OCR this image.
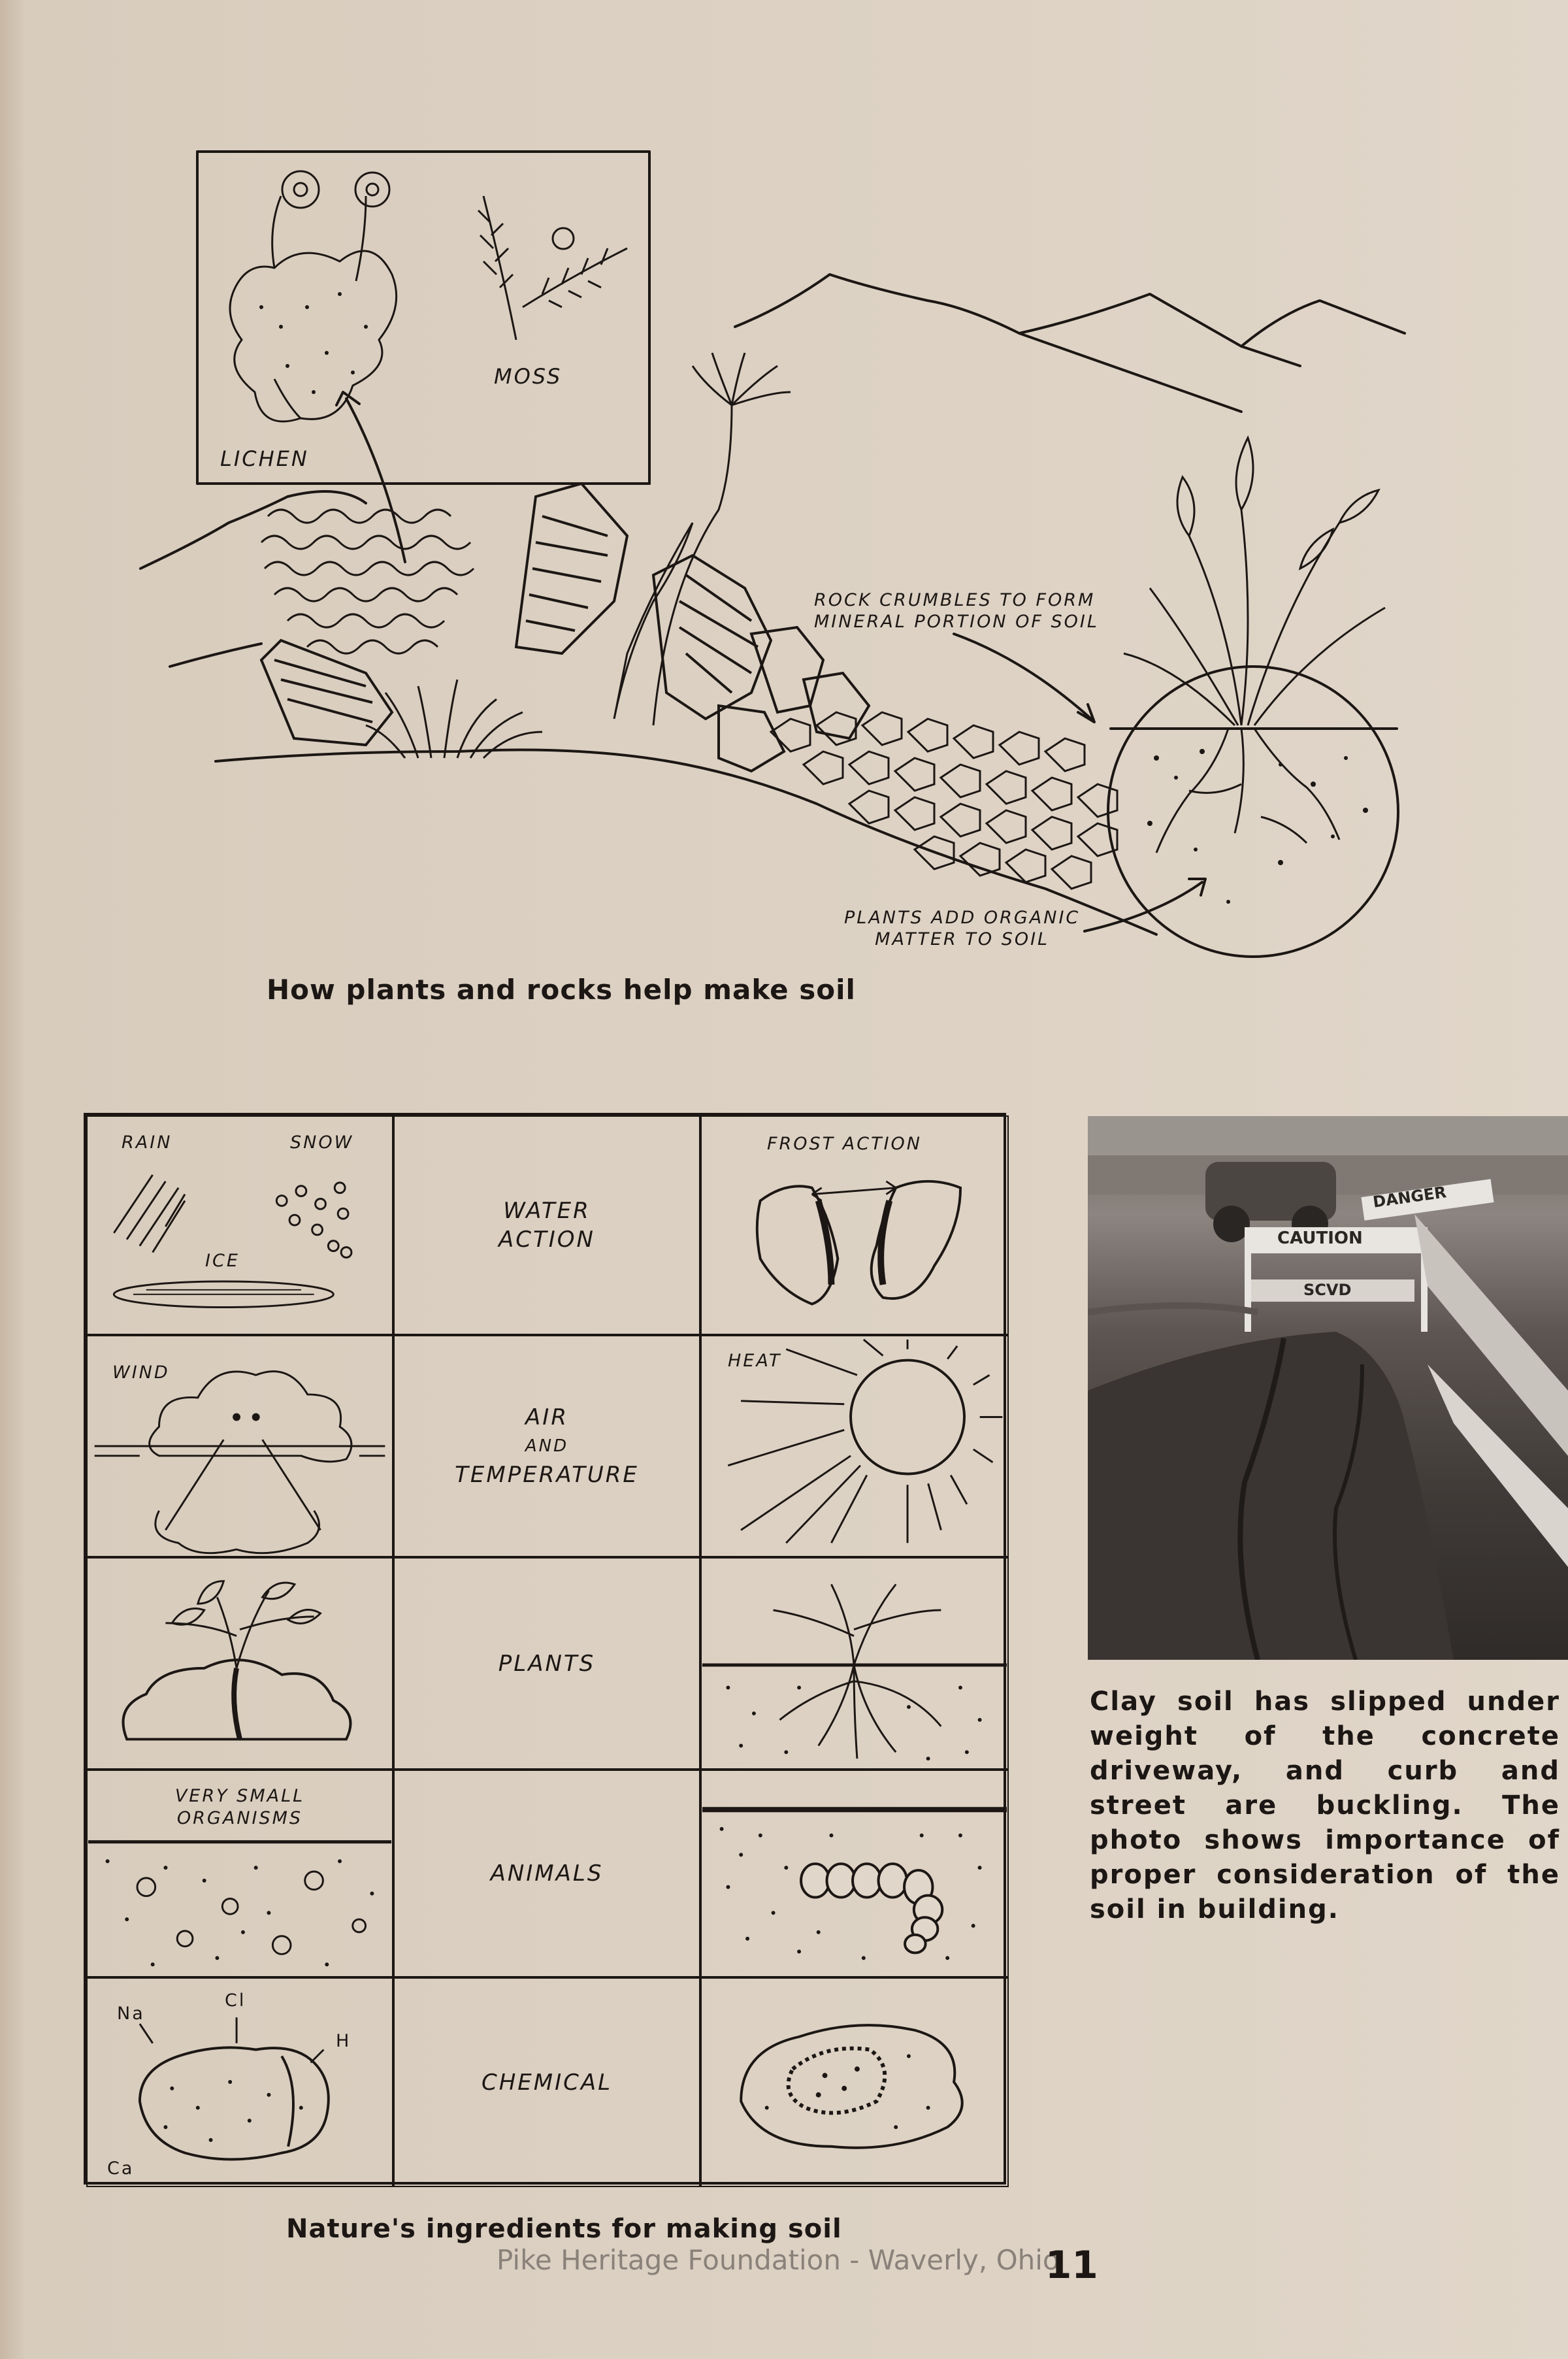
LICHEN
MOSS
ROCK CRUMBLES TO FORM
MINERAL PORTION OF SOIL
PLANTS ADD ORGANIC
MATTER TO SOIL
How plants and rocks help make soil
RAIN	SNOW
ICE
WATER
ACTION
FROST ACTION
WIND
AIR
AND
TEMPERATURE
HEAT
PLANTS
VERY SMALL
ORGANISMS
ANIMALS
Na
Cl
H
Ca
CHEMICAL
Nature's ingredients for making soil
DANGER
CAUTION
SCVD
Clay soil has slipped under weight of the concrete driveway, and curb and street are buckling. The photo shows importance of proper consideration of the soil in building.
Pike Heritage Foundation - Waverly, Ohio
11
